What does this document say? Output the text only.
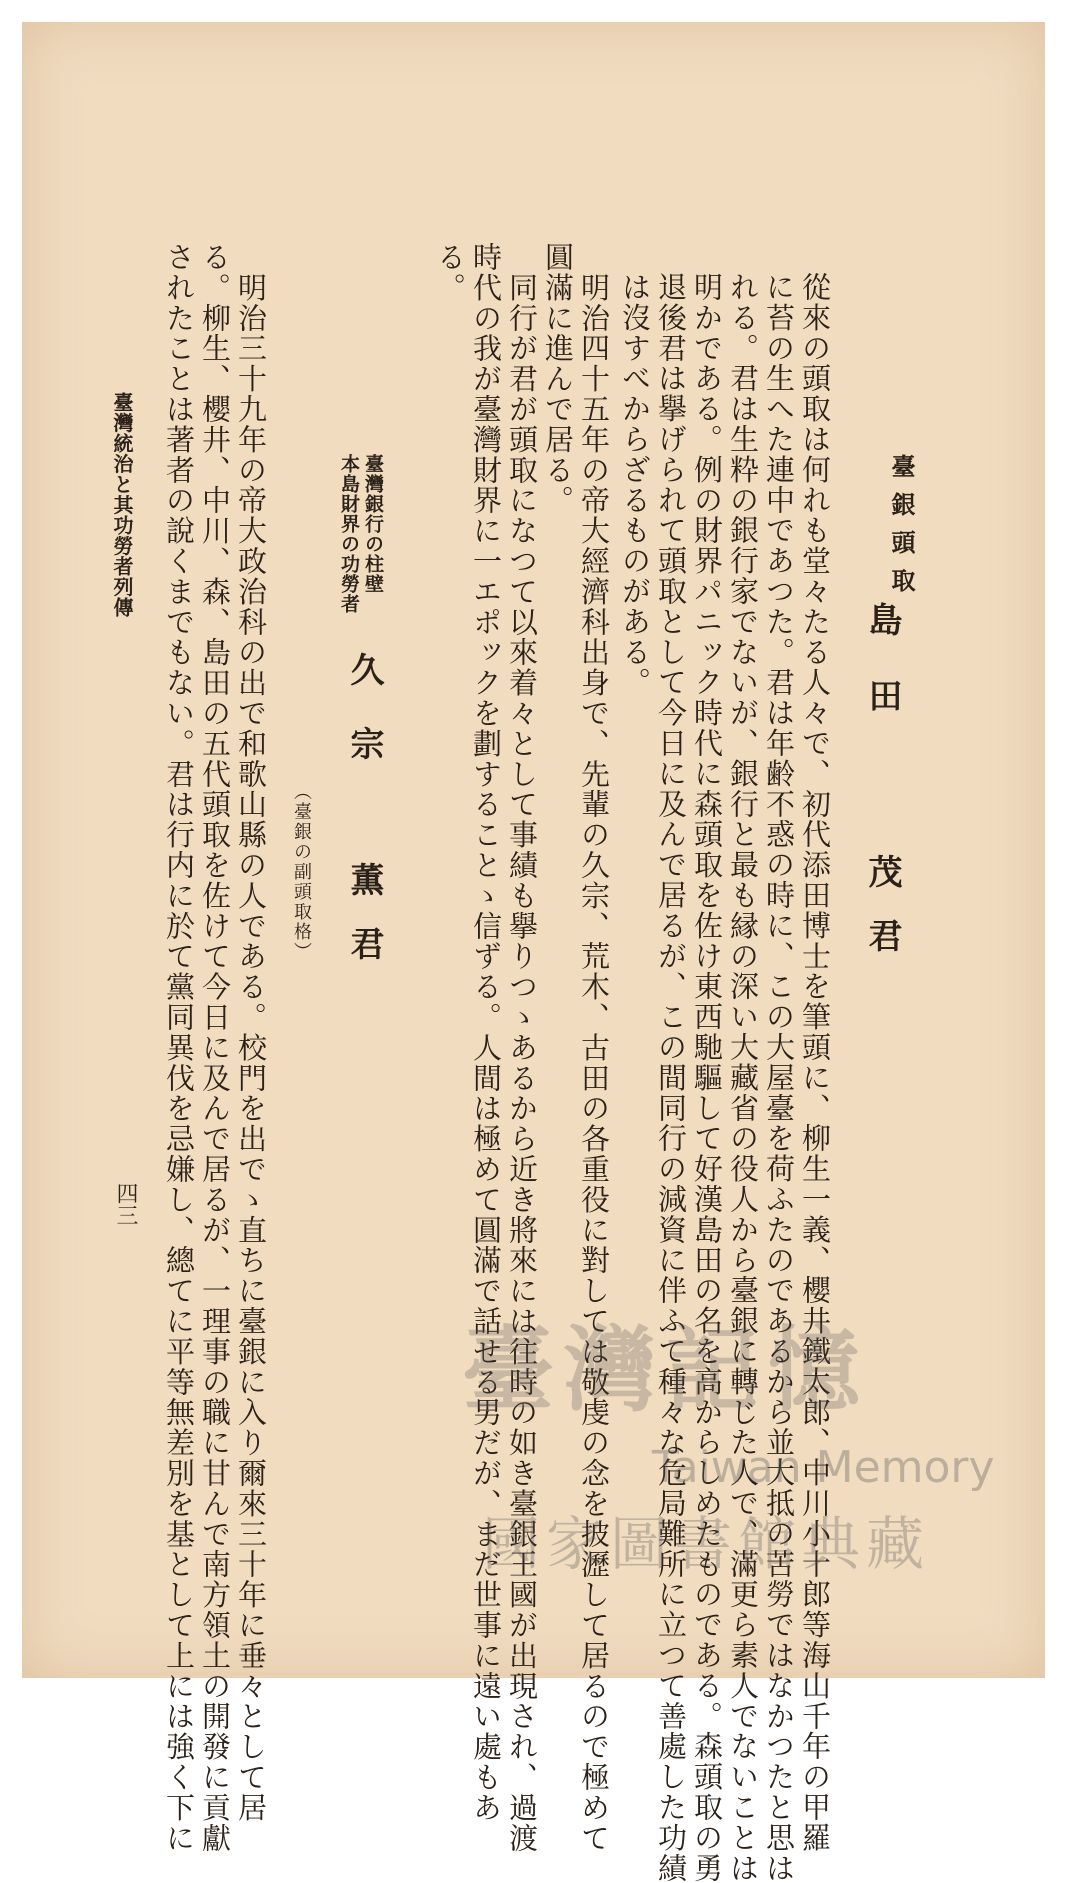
臺銀頭取
島田
茂君
從來の頭取は何れも堂々たる人々で、初代添田博士を筆頭に、柳生一義、櫻井鐵太郎、中川小十郎等海山千年の甲羅
に苔の生へた連中であつた。君は年齢不惑の時に、この大屋臺を荷ふたのであるから並大抵の苦勞ではなかつたと思は
れる。君は生粋の銀行家でないが、銀行と最も縁の深い大藏省の役人から臺銀に轉じた人で、滿更ら素人でないことは
明かである。例の財界パニック時代に森頭取を佐け東西馳驅して好漢島田の名を高からしめたものである。森頭取の勇
退後君は擧げられて頭取として今日に及んで居るが、この間同行の減資に伴ふて種々な危局難所に立つて善處した功績
は沒すべからざるものがある。
　明治四十五年の帝大經濟科出身で、先輩の久宗、荒木、古田の各重役に對しては敬虔の念を披瀝して居るので極めて
圓滿に進んで居る。
　同行が君が頭取になつて以來着々として事績も擧りつゝあるから近き將來には往時の如き臺銀王國が出現され、過渡
時代の我が臺灣財界に一エポックを劃することゝ信ずる。人間は極めて圓滿で話せる男だが、まだ世事に遠い處もあ
る。
臺灣銀行の柱壁
本島財界の功勞者
久宗
薫君
（臺銀の副頭取格）
　明治三十九年の帝大政治科の出で和歌山縣の人である。校門を出でゝ直ちに臺銀に入り爾來三十年に垂々として居
る。柳生、櫻井、中川、森、島田の五代頭取を佐けて今日に及んで居るが、一理事の職に甘んで南方領土の開發に貢獻
されたことは著者の說くまでもない。君は行内に於て黨同異伐を忌嫌し、總てに平等無差別を基として上には強く下に
臺灣統治と其功勞者列傳
四三
臺灣記憶
Taiwan Memory
國家圖書館典藏
